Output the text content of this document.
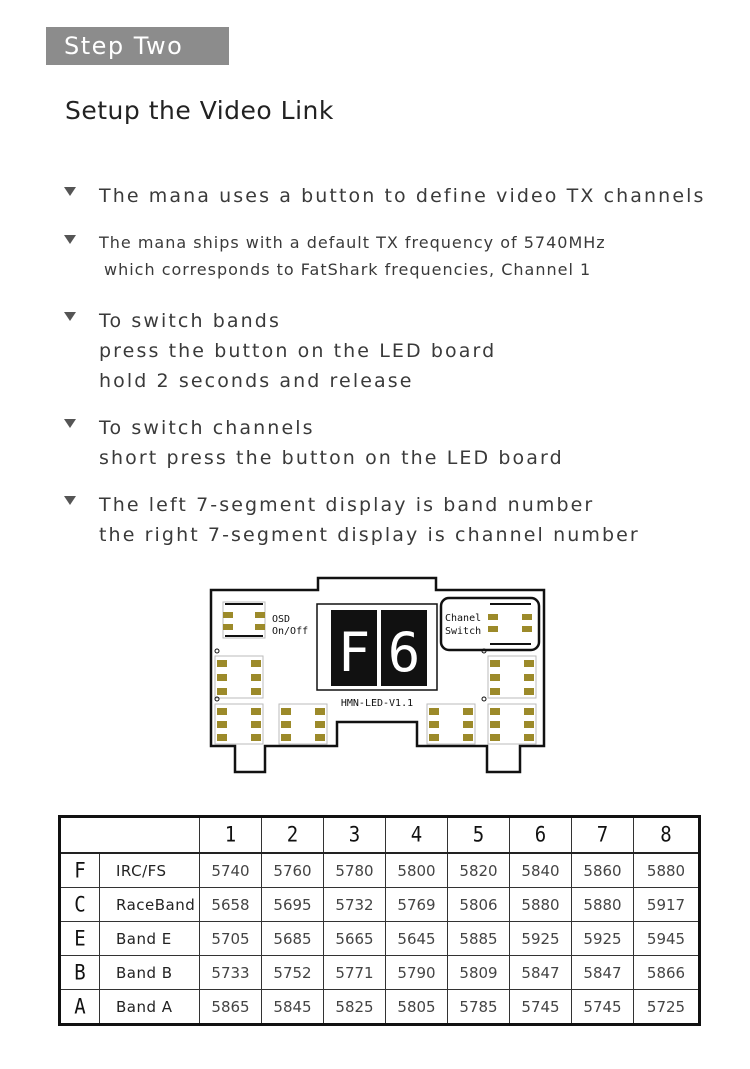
Step Two
Setup the Video Link
The mana uses a button to define video TX channels
The mana ships with a default TX frequency of 5740MHz
which corresponds to FatShark frequencies, Channel 1
To switch bands
press the button on the LED board
hold 2 seconds and release
To switch channels
short press the button on the LED board
The left 7-segment display is band number
the right 7-segment display is channel number
OSD
On/Off
Chanel
Switch
F 6
HMN-LED-V1.1
		1	2	3	4	5	6	7	8
F	IRC/FS	5740	5760	5780	5800	5820	5840	5860	5880
C	RaceBand	5658	5695	5732	5769	5806	5880	5880	5917
E	Band E	5705	5685	5665	5645	5885	5925	5925	5945
B	Band B	5733	5752	5771	5790	5809	5847	5847	5866
A	Band A	5865	5845	5825	5805	5785	5745	5745	5725
